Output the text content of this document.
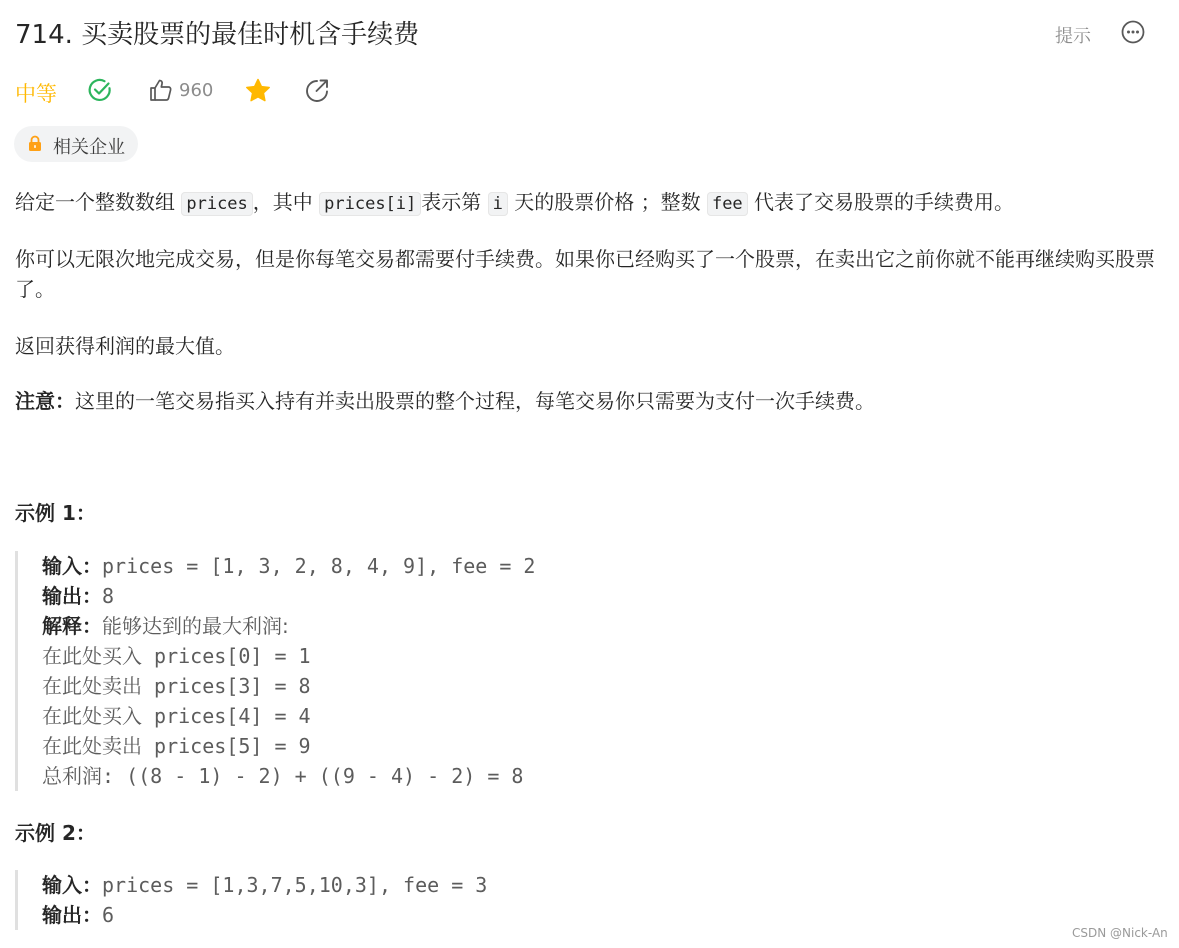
714. 买卖股票的最佳时机含手续费	提示
中等	960
相关企业
给定一个整数数组 prices ，其中 prices[i] 表示第 i 天的股票价格 ；整数 fee 代表了交易股票的手续费用。
你可以无限次地完成交易，但是你每笔交易都需要付手续费。如果你已经购买了一个股票，在卖出它之前你就不能再继续购买股票了。
返回获得利润的最大值。
注意：这里的一笔交易指买入持有并卖出股票的整个过程，每笔交易你只需要为支付一次手续费。
示例 1：
输入：prices = [1, 3, 2, 8, 4, 9], fee = 2
输出：8
解释：能够达到的最大利润:
在此处买入 prices[0] = 1
在此处卖出 prices[3] = 8
在此处买入 prices[4] = 4
在此处卖出 prices[5] = 9
总利润: ((8 - 1) - 2) + ((9 - 4) - 2) = 8
示例 2：
输入：prices = [1,3,7,5,10,3], fee = 3
输出：6
CSDN @Nick-An
